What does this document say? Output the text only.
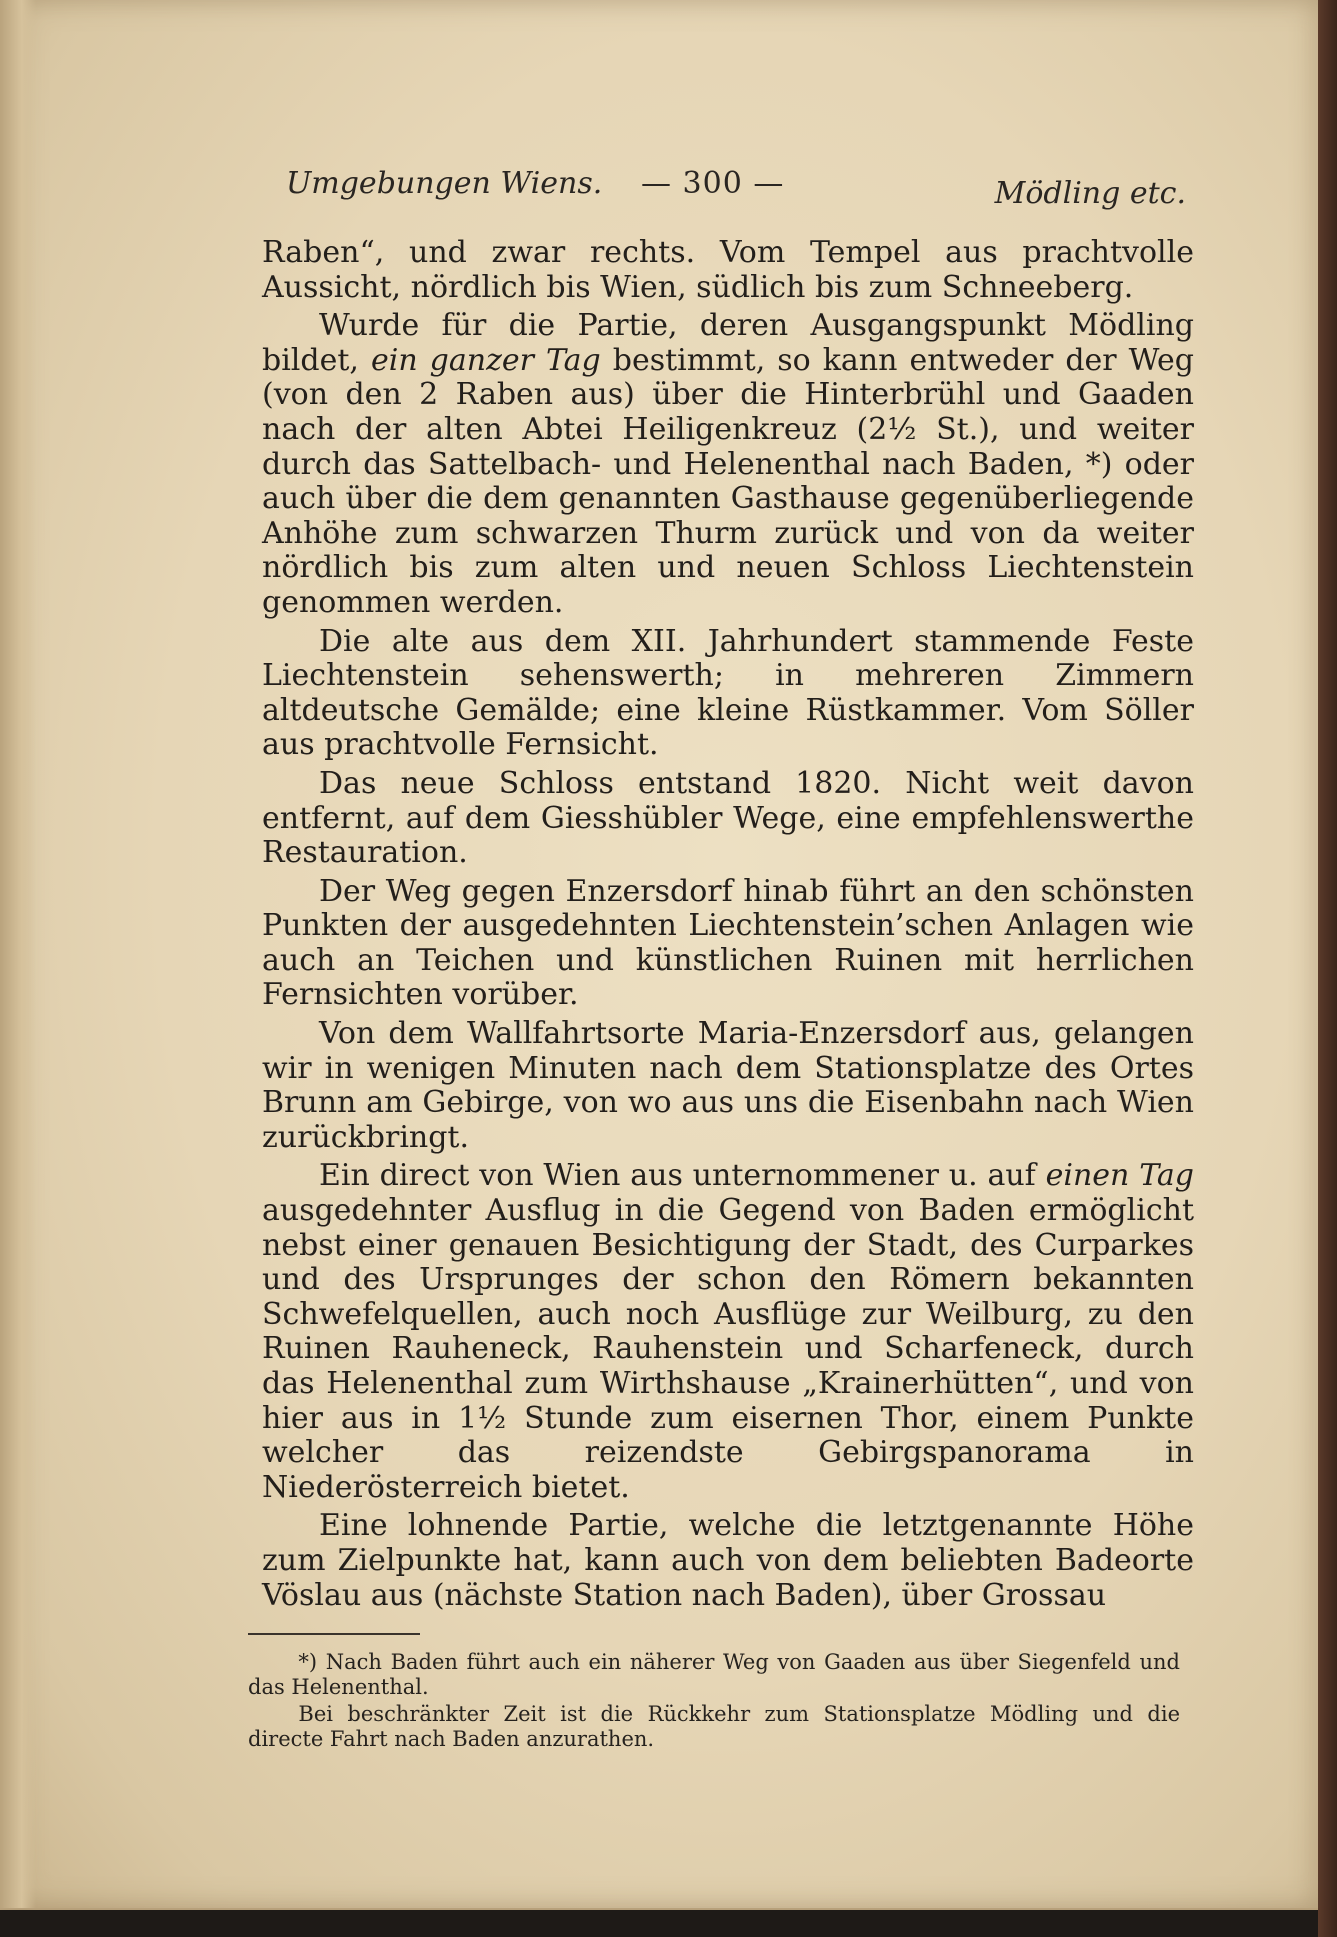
Umgebungen Wiens. — 300 —	Mödling etc.

Raben“, und zwar rechts. Vom Tempel aus prachtvolle Aussicht, nördlich bis Wien, südlich bis zum Schneeberg.

Wurde für die Partie, deren Ausgangspunkt Mödling bildet, ein ganzer Tag bestimmt, so kann entweder der Weg (von den 2 Raben aus) über die Hinterbrühl und Gaaden nach der alten Abtei Heiligenkreuz (2½ St.), und weiter durch das Sattelbach- und Helenenthal nach Baden, *) oder auch über die dem genannten Gasthause gegenüberliegende Anhöhe zum schwarzen Thurm zurück und von da weiter nördlich bis zum alten und neuen Schloss Liechtenstein genommen werden.

Die alte aus dem XII. Jahrhundert stammende Feste Liechtenstein sehenswerth; in mehreren Zimmern altdeutsche Gemälde; eine kleine Rüstkammer. Vom Söller aus prachtvolle Fernsicht.

Das neue Schloss entstand 1820. Nicht weit davon entfernt, auf dem Giesshübler Wege, eine empfehlenswerthe Restauration.

Der Weg gegen Enzersdorf hinab führt an den schönsten Punkten der ausgedehnten Liechtenstein’schen Anlagen wie auch an Teichen und künstlichen Ruinen mit herrlichen Fernsichten vorüber.

Von dem Wallfahrtsorte Maria-Enzersdorf aus, gelangen wir in wenigen Minuten nach dem Stationsplatze des Ortes Brunn am Gebirge, von wo aus uns die Eisenbahn nach Wien zurückbringt.

Ein direct von Wien aus unternommener u. auf einen Tag ausgedehnter Ausflug in die Gegend von Baden ermöglicht nebst einer genauen Besichtigung der Stadt, des Curparkes und des Ursprunges der schon den Römern bekannten Schwefelquellen, auch noch Ausflüge zur Weilburg, zu den Ruinen Rauheneck, Rauhenstein und Scharfeneck, durch das Helenenthal zum Wirthshause „Krainerhütten“, und von hier aus in 1½ Stunde zum eisernen Thor, einem Punkte welcher das reizendste Gebirgspanorama in Niederösterreich bietet.

Eine lohnende Partie, welche die letztgenannte Höhe zum Zielpunkte hat, kann auch von dem beliebten Badeorte Vöslau aus (nächste Station nach Baden), über Grossau

*) Nach Baden führt auch ein näherer Weg von Gaaden aus über Siegenfeld und das Helenenthal.

Bei beschränkter Zeit ist die Rückkehr zum Stationsplatze Mödling und die directe Fahrt nach Baden anzurathen.
